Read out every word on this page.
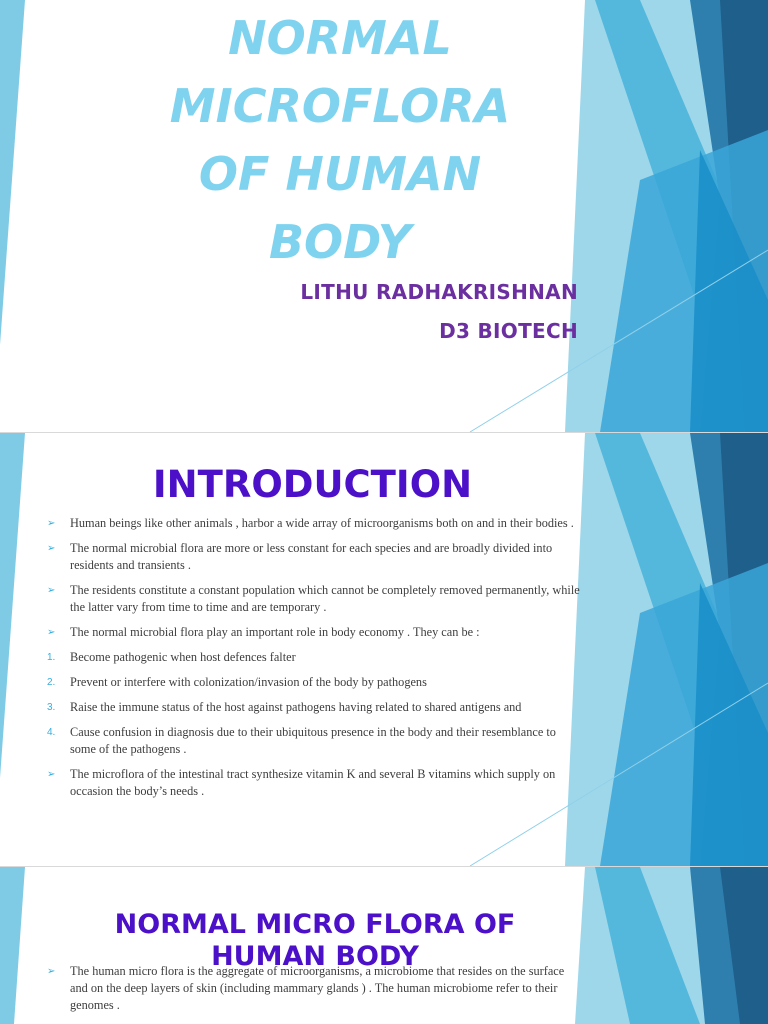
NORMAL
MICROFLORA
OF HUMAN
BODY
LITHU RADHAKRISHNAN
D3 BIOTECH
INTRODUCTION
➢ Human beings like other animals , harbor a wide array of microorganisms both on and in their bodies .
➢ The normal microbial flora are more or less constant for each species and are broadly divided into residents and transients .
➢ The residents constitute a constant population which cannot be completely removed permanently, while the latter vary from time to time and are temporary .
➢ The normal microbial flora play an important role in body economy . They can be :
1. Become pathogenic when host defences falter
2. Prevent or interfere with colonization/invasion of the body by pathogens
3. Raise the immune status of the host against pathogens having related to shared antigens and
4. Cause confusion in diagnosis due to their ubiquitous presence in the body and their resemblance to some of the pathogens .
➢ The microflora of the intestinal tract synthesize vitamin K and several B vitamins which supply on occasion the body’s needs .
NORMAL MICRO FLORA OF HUMAN BODY
➢ The human micro flora is the aggregate of microorganisms, a microbiome that resides on the surface and on the deep layers of skin (including mammary glands ) . The human microbiome refer to their genomes .
